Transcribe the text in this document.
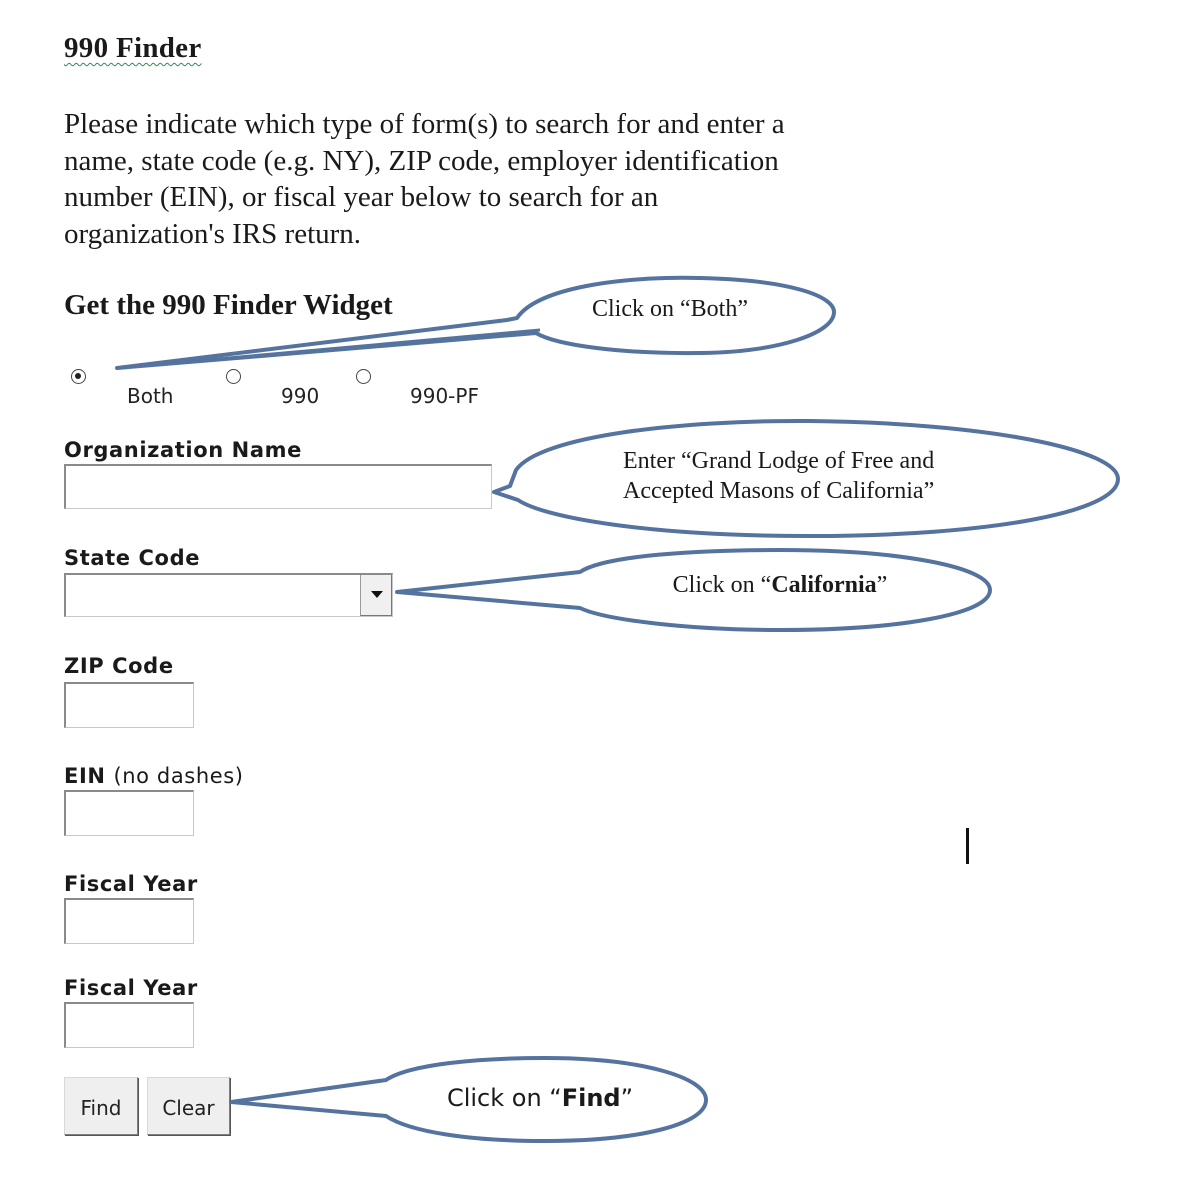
990 Finder
Please indicate which type of form(s) to search for and enter a name, state code (e.g. NY), ZIP code, employer identification number (EIN), or fiscal year below to search for an organization's IRS return.
Get the 990 Finder Widget
Both	990	990-PF
Organization Name
State Code
ZIP Code
EIN (no dashes)
Fiscal Year
Fiscal Year
Find Clear
Click on “Both”
Enter “Grand Lodge of Free and
Accepted Masons of California”
Click on “California”
Click on “Find”
